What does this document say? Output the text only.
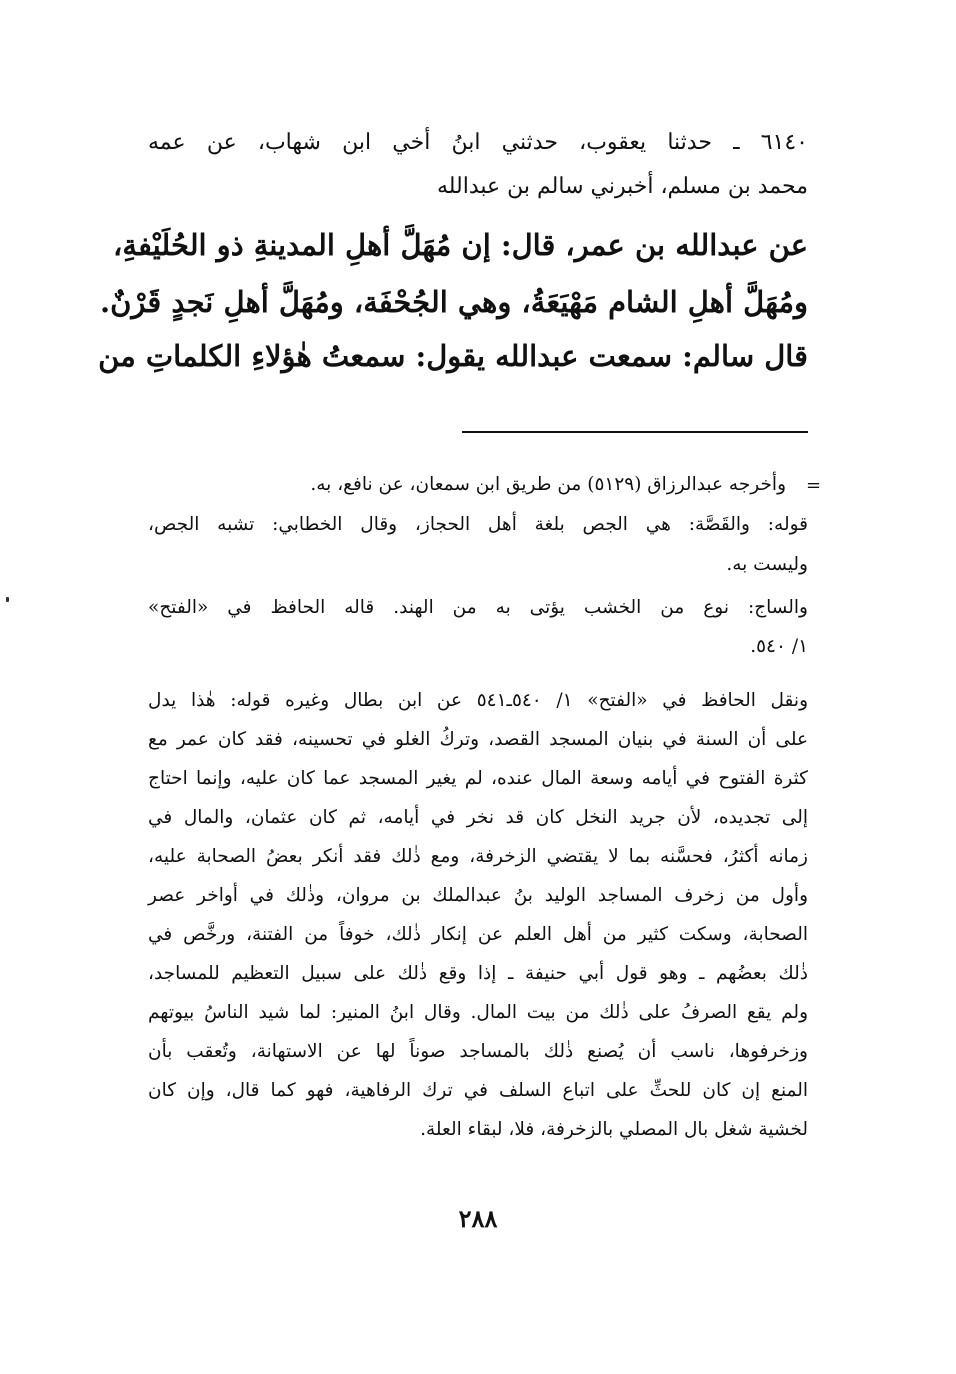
٦١٤٠ ـ حدثنا يعقوب، حدثني ابنُ أخي ابن شهاب، عن عمه

محمد بن مسلم، أخبرني سالم بن عبدالله

عن عبدالله بن عمر، قال: إن مُهَلَّ أهلِ المدينةِ ذو الحُلَيْفةِ،

ومُهَلَّ أهلِ الشام مَهْيَعَةُ، وهي الجُحْفَة، ومُهَلَّ أهلِ نَجدٍ قَرْنٌ.

قال سالم: سمعت عبدالله يقول: سمعتُ هٰؤلاءِ الكلماتِ من

=

وأخرجه عبدالرزاق (٥١٢٩) من طريق ابن سمعان، عن نافع، به.

قوله: والقَصَّة: هي الجص بلغة أهل الحجاز، وقال الخطابي: تشبه الجص،

وليست به.

والساج: نوع من الخشب يؤتى به من الهند. قاله الحافظ في «الفتح»

١/ ٥٤٠.

ونقل الحافظ في «الفتح» ١/ ٥٤٠ـ٥٤١ عن ابن بطال وغيره قوله: هٰذا يدل

على أن السنة في بنيان المسجد القصد، وتركُ الغلو في تحسينه، فقد كان عمر مع

كثرة الفتوح في أيامه وسعة المال عنده، لم يغير المسجد عما كان عليه، وإنما احتاج

إلى تجديده، لأن جريد النخل كان قد نخر في أيامه، ثم كان عثمان، والمال في

زمانه أكثرُ، فحسَّنه بما لا يقتضي الزخرفة، ومع ذٰلك فقد أنكر بعضُ الصحابة عليه،

وأول من زخرف المساجد الوليد بنُ عبدالملك بن مروان، وذٰلك في أواخر عصر

الصحابة، وسكت كثير من أهل العلم عن إنكار ذٰلك، خوفاً من الفتنة، ورخَّص في

ذٰلك بعضُهم ـ وهو قول أبي حنيفة ـ إذا وقع ذٰلك على سبيل التعظيم للمساجد،

ولم يقع الصرفُ على ذٰلك من بيت المال. وقال ابنُ المنير: لما شيد الناسُ بيوتهم

وزخرفوها، ناسب أن يُصنع ذٰلك بالمساجد صوناً لها عن الاستهانة، وتُعقب بأن

المنع إن كان للحثِّ على اتباع السلف في ترك الرفاهية، فهو كما قال، وإن كان

لخشية شغل بال المصلي بالزخرفة، فلا، لبقاء العلة.

٢٨٨
